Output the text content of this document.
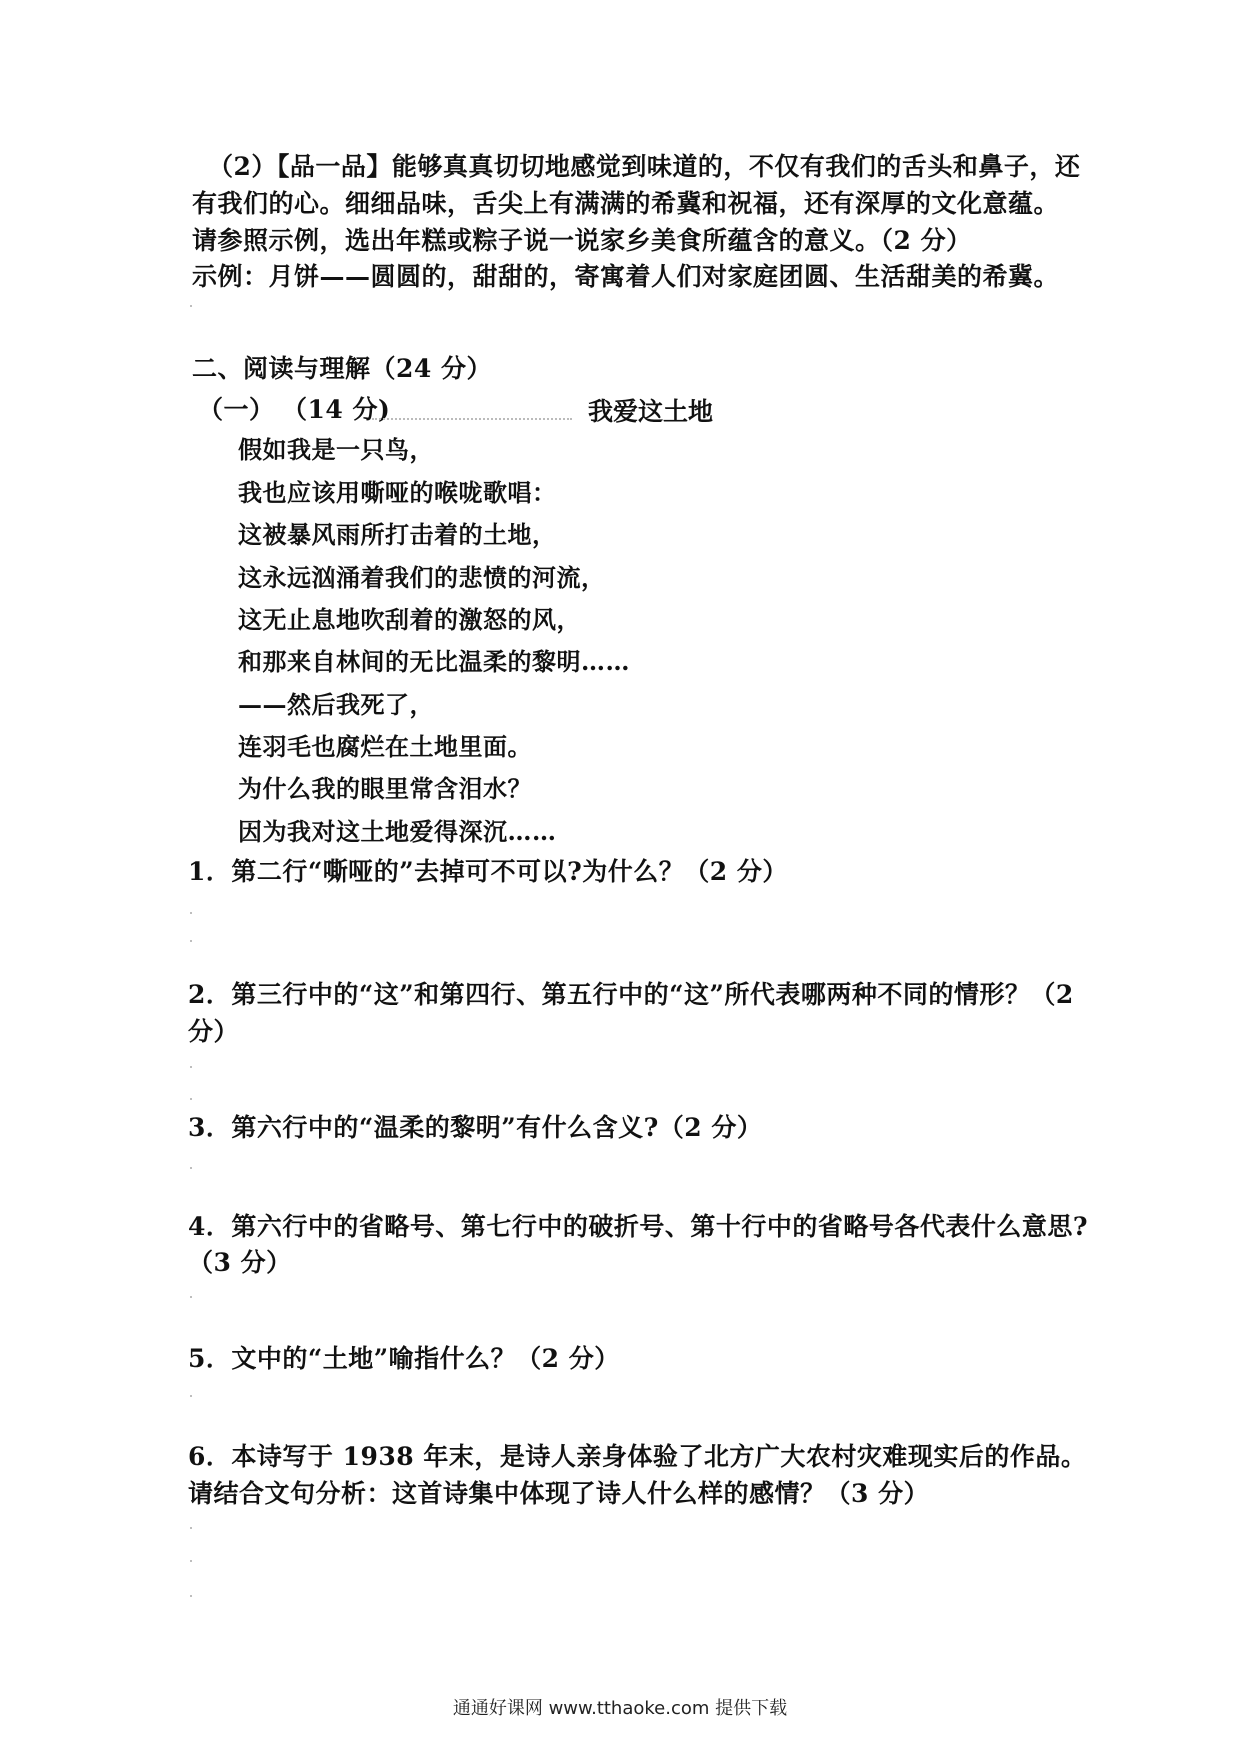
（2）【品一品】能够真真切切地感觉到味道的，不仅有我们的舌头和鼻子，还
有我们的心。细细品味，舌尖上有满满的希冀和祝福，还有深厚的文化意蕴。
请参照示例，选出年糕或粽子说一说家乡美食所蕴含的意义。（2 分）
示例：月饼——圆圆的，甜甜的，寄寓着人们对家庭团圆、生活甜美的希冀。
二、阅读与理解（24 分）
（一） （14 分)	我爱这土地
假如我是一只鸟，
我也应该用嘶哑的喉咙歌唱：
这被暴风雨所打击着的土地，
这永远汹涌着我们的悲愤的河流，
这无止息地吹刮着的激怒的风，
和那来自林间的无比温柔的黎明……
——然后我死了，
连羽毛也腐烂在土地里面。
为什么我的眼里常含泪水？
因为我对这土地爱得深沉……
1．第二行“嘶哑的”去掉可不可以?为什么？（2 分）
2．第三行中的“这”和第四行、第五行中的“这”所代表哪两种不同的情形？（2
分）
3．第六行中的“温柔的黎明”有什么含义?（2 分）
4．第六行中的省略号、第七行中的破折号、第十行中的省略号各代表什么意思?
（3 分）
5．文中的“土地”喻指什么？（2 分）
6．本诗写于 1938 年末，是诗人亲身体验了北方广大农村灾难现实后的作品。
请结合文句分析：这首诗集中体现了诗人什么样的感情？（3 分）
通通好课网 www.tthaoke.com 提供下载
